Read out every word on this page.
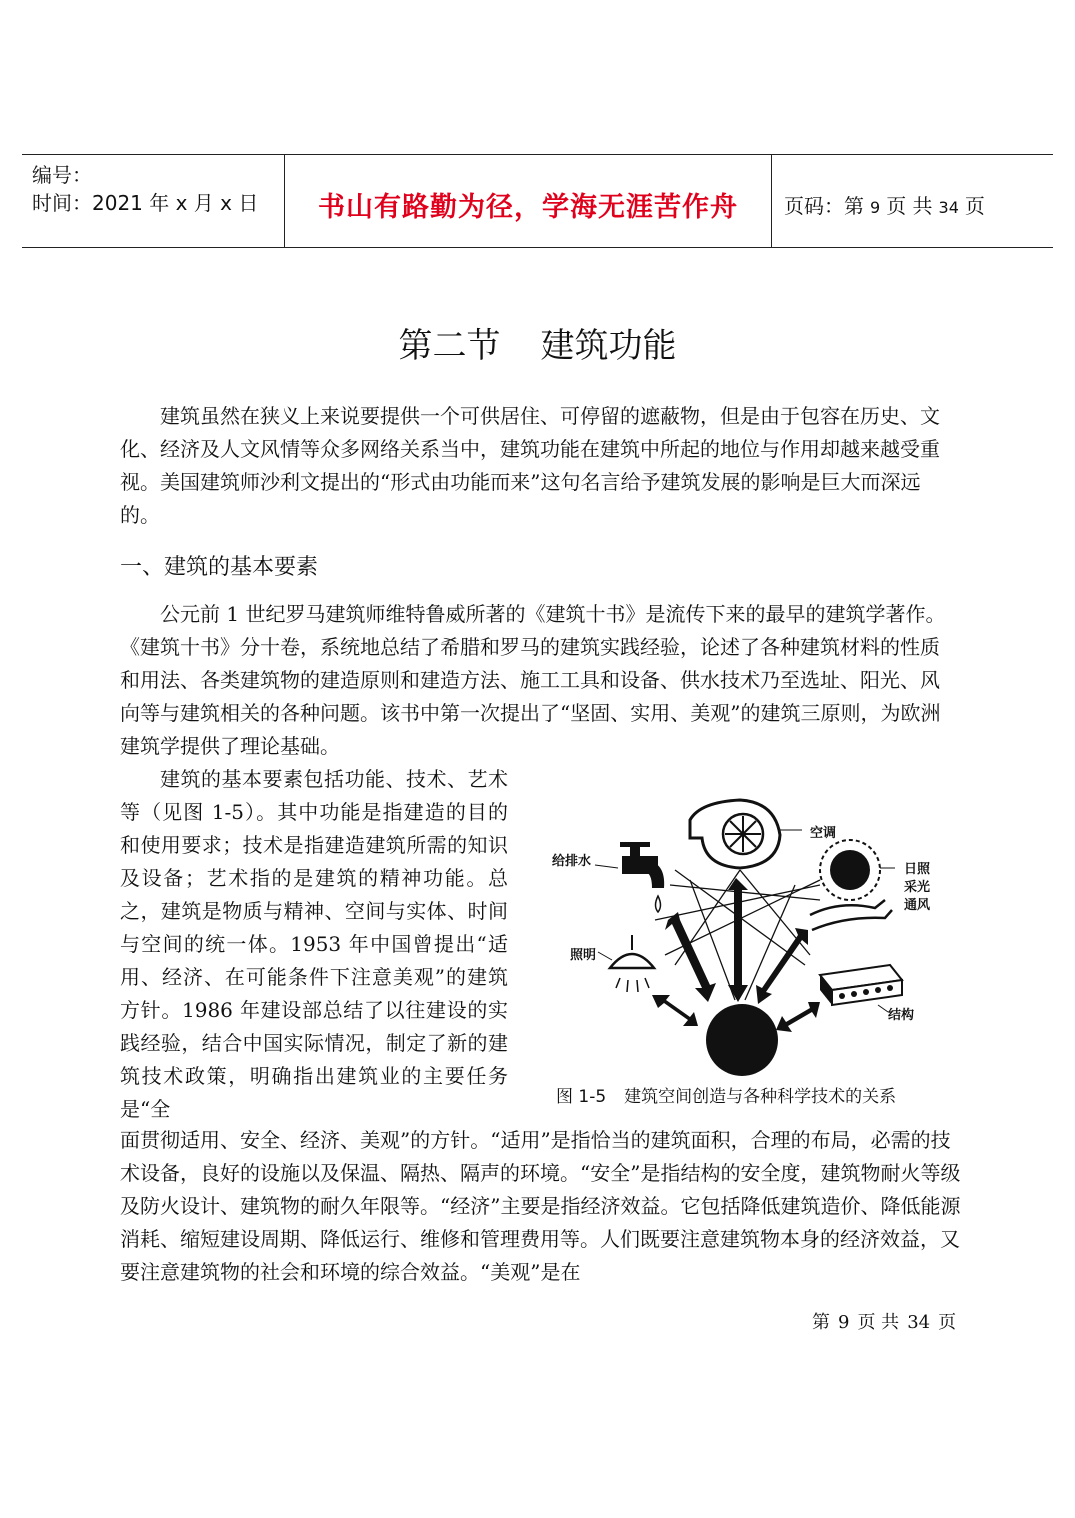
编号：
时间：2021 年 x 月 x 日	书山有路勤为径，学海无涯苦作舟	页码：第 9 页 共 34 页
第二节 建筑功能

建筑虽然在狭义上来说要提供一个可供居住、可停留的遮蔽物，但是由于包容在历史、文化、经济及人文风情等众多网络关系当中，建筑功能在建筑中所起的地位与作用却越来越受重视。美国建筑师沙利文提出的“形式由功能而来”这句名言给予建筑发展的影响是巨大而深远的。

一、建筑的基本要素

公元前 1 世纪罗马建筑师维特鲁威所著的《建筑十书》是流传下来的最早的建筑学著作。《建筑十书》分十卷，系统地总结了希腊和罗马的建筑实践经验，论述了各种建筑材料的性质和用法、各类建筑物的建造原则和建造方法、施工工具和设备、供水技术乃至选址、阳光、风向等与建筑相关的各种问题。该书中第一次提出了“坚固、实用、美观”的建筑三原则，为欧洲建筑学提供了理论基础。

建筑的基本要素包括功能、技术、艺术等（见图 1-5）。其中功能是指建造的目的和使用要求；技术是指建造建筑所需的知识及设备；艺术指的是建筑的精神功能。总之，建筑是物质与精神、空间与实体、时间与空间的统一体。1953 年中国曾提出“适用、经济、在可能条件下注意美观”的建筑方针。1986 年建设部总结了以往建设的实践经验，结合中国实际情况，制定了新的建筑技术政策，明确指出建筑业的主要任务是“全

面贯彻适用、安全、经济、美观”的方针。“适用”是指恰当的建筑面积，合理的布局，必需的技术设备，良好的设施以及保温、隔热、隔声的环境。“安全”是指结构的安全度，建筑物耐火等级及防火设计、建筑物的耐久年限等。“经济”主要是指经济效益。它包括降低建筑造价、降低能源消耗、缩短建设周期、降低运行、维修和管理费用等。人们既要注意建筑物本身的经济效益，又要注意建筑物的社会和环境的综合效益。“美观”是在

空调
给排水
日照
采光
通风
照明
结构
图 1-5 建筑空间创造与各种科学技术的关系
第 9 页 共 34 页
